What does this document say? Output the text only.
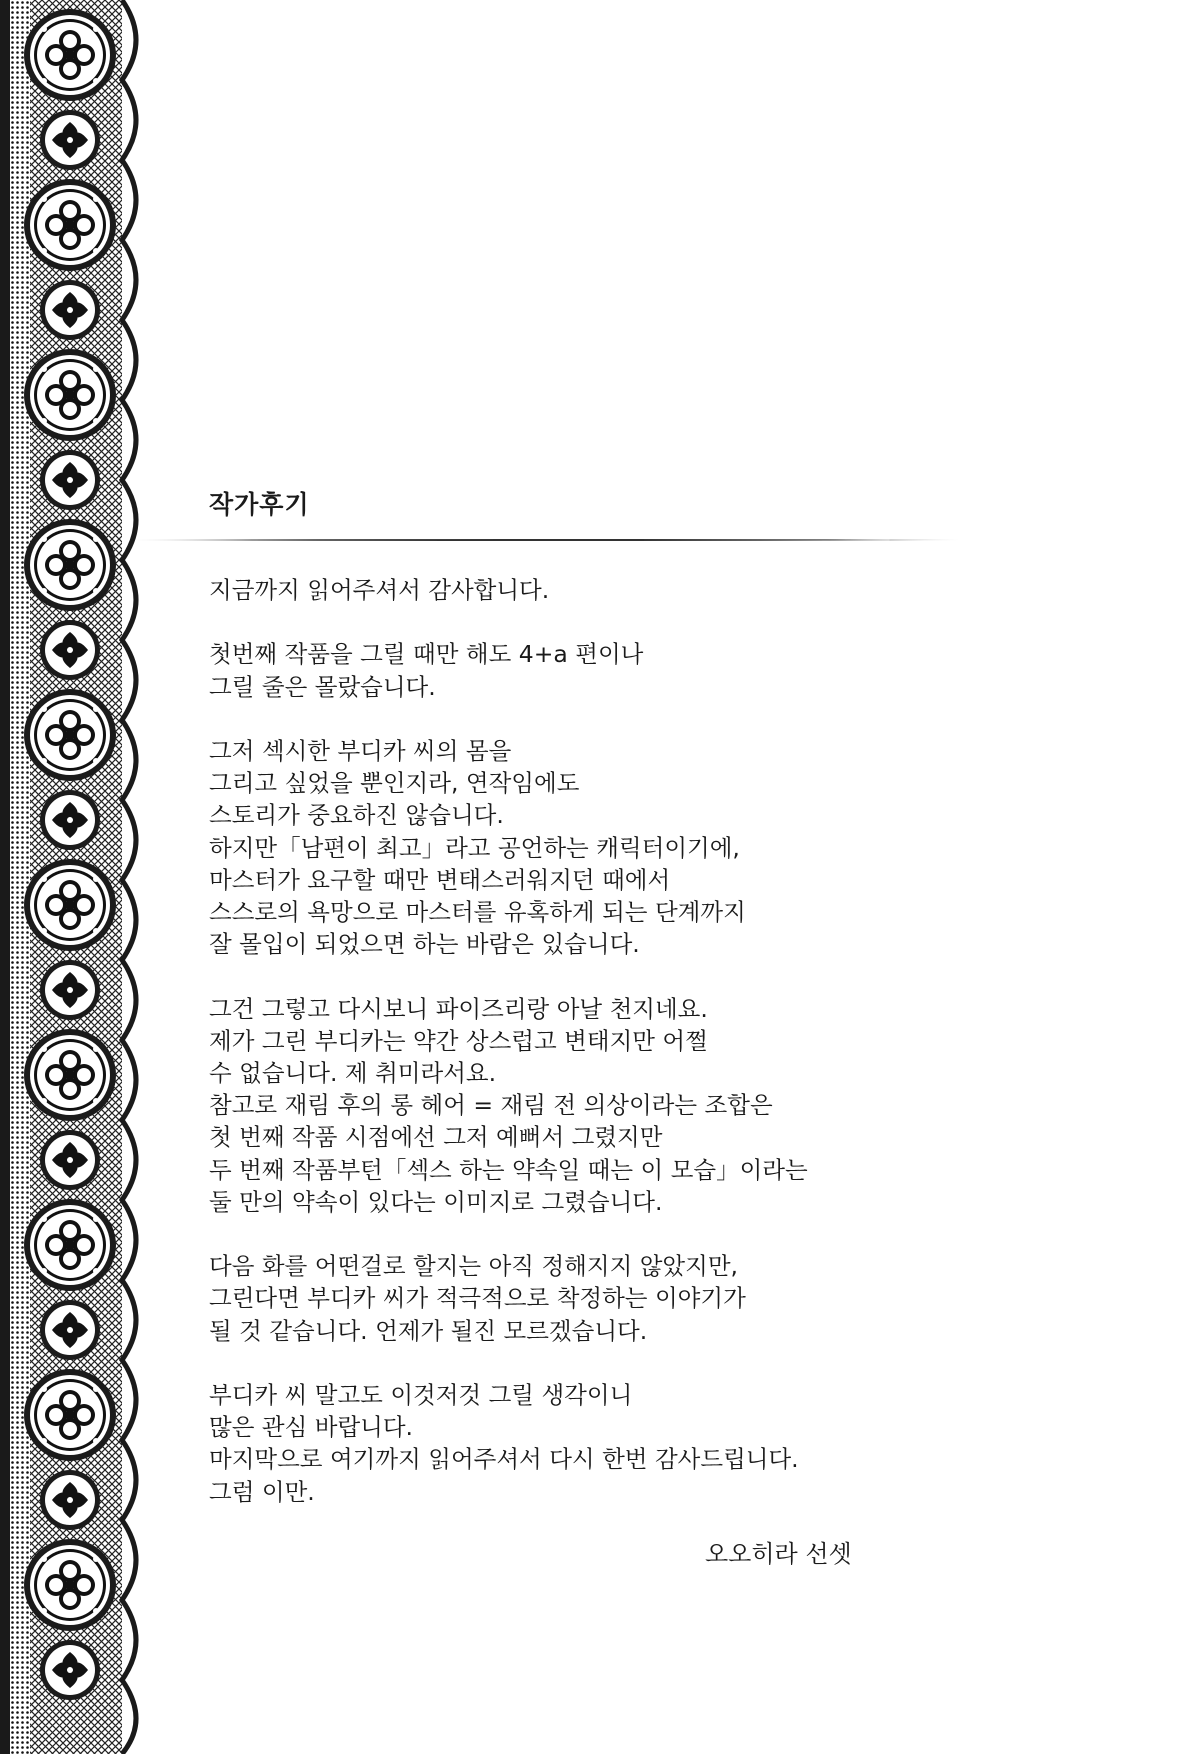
작가후기
지금까지 읽어주셔서 감사합니다.
첫번째 작품을 그릴 때만 해도 4+a 편이나
그릴 줄은 몰랐습니다.
그저 섹시한 부디카 씨의 몸을
그리고 싶었을 뿐인지라, 연작임에도
스토리가 중요하진 않습니다.
하지만「남편이 최고」라고 공언하는 캐릭터이기에,
마스터가 요구할 때만 변태스러워지던 때에서
스스로의 욕망으로 마스터를 유혹하게 되는 단계까지
잘 몰입이 되었으면 하는 바람은 있습니다.
그건 그렇고 다시보니 파이즈리랑 아날 천지네요.
제가 그린 부디카는 약간 상스럽고 변태지만 어쩔
수 없습니다. 제 취미라서요.
참고로 재림 후의 롱 헤어 = 재림 전 의상이라는 조합은
첫 번째 작품 시점에선 그저 예뻐서 그렸지만
두 번째 작품부턴「섹스 하는 약속일 때는 이 모습」이라는
둘 만의 약속이 있다는 이미지로 그렸습니다.
다음 화를 어떤걸로 할지는 아직 정해지지 않았지만,
그린다면 부디카 씨가 적극적으로 착정하는 이야기가
될 것 같습니다. 언제가 될진 모르겠습니다.
부디카 씨 말고도 이것저것 그릴 생각이니
많은 관심 바랍니다.
마지막으로 여기까지 읽어주셔서 다시 한번 감사드립니다.
그럼 이만.
오오히라 선셋
